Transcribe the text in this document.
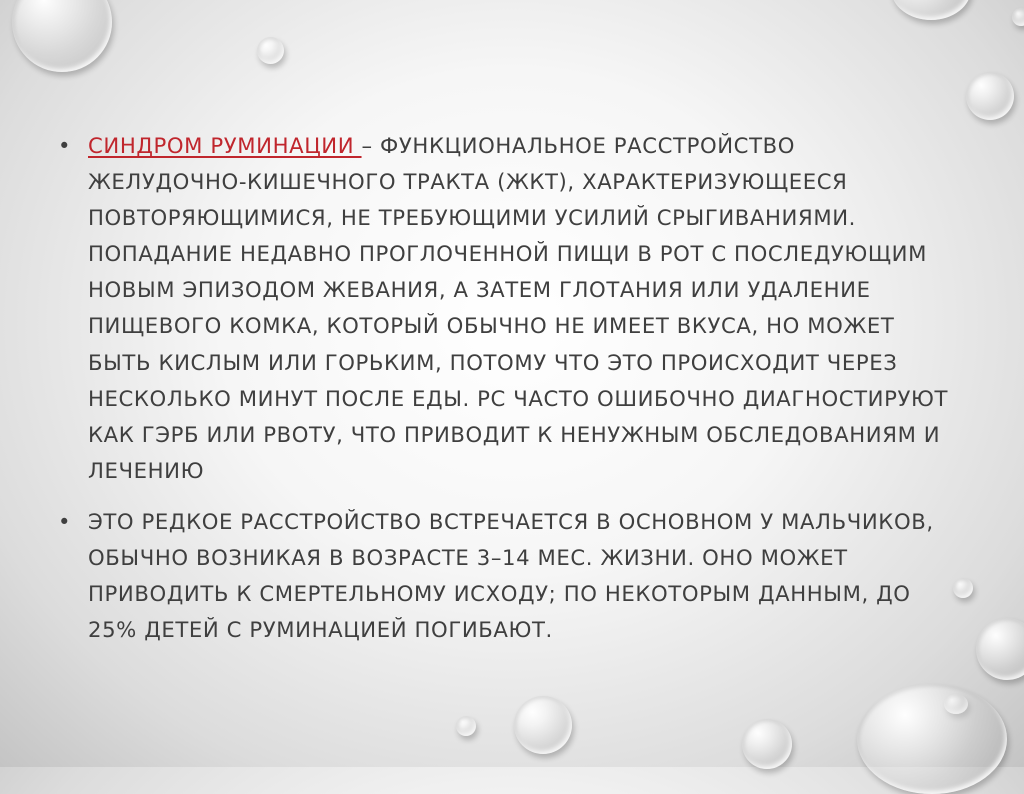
• СИНДРОМ РУМИНАЦИИ – ФУНКЦИОНАЛЬНОЕ РАССТРОЙСТВО ЖЕЛУДОЧНО-КИШЕЧНОГО ТРАКТА (ЖКТ), ХАРАКТЕРИЗУЮЩЕЕСЯ ПОВТОРЯЮЩИМИСЯ, НЕ ТРЕБУЮЩИМИ УСИЛИЙ СРЫГИВАНИЯМИ. ПОПАДАНИЕ НЕДАВНО ПРОГЛОЧЕННОЙ ПИЩИ В РОТ С ПОСЛЕДУЮЩИМ НОВЫМ ЭПИЗОДОМ ЖЕВАНИЯ, А ЗАТЕМ ГЛОТАНИЯ ИЛИ УДАЛЕНИЕ ПИЩЕВОГО КОМКА, КОТОРЫЙ ОБЫЧНО НЕ ИМЕЕТ ВКУСА, НО МОЖЕТ БЫТЬ КИСЛЫМ ИЛИ ГОРЬКИМ, ПОТОМУ ЧТО ЭТО ПРОИСХОДИТ ЧЕРЕЗ НЕСКОЛЬКО МИНУТ ПОСЛЕ ЕДЫ. РС ЧАСТО ОШИБОЧНО ДИАГНОСТИРУЮТ КАК ГЭРБ ИЛИ РВОТУ, ЧТО ПРИВОДИТ К НЕНУЖНЫМ ОБСЛЕДОВАНИЯМ И ЛЕЧЕНИЮ
• ЭТО РЕДКОЕ РАССТРОЙСТВО ВСТРЕЧАЕТСЯ В ОСНОВНОМ У МАЛЬЧИКОВ, ОБЫЧНО ВОЗНИКАЯ В ВОЗРАСТЕ 3–14 МЕС. ЖИЗНИ. ОНО МОЖЕТ ПРИВОДИТЬ К СМЕРТЕЛЬНОМУ ИСХОДУ; ПО НЕКОТОРЫМ ДАННЫМ, ДО 25% ДЕТЕЙ С РУМИНАЦИЕЙ ПОГИБАЮТ.
